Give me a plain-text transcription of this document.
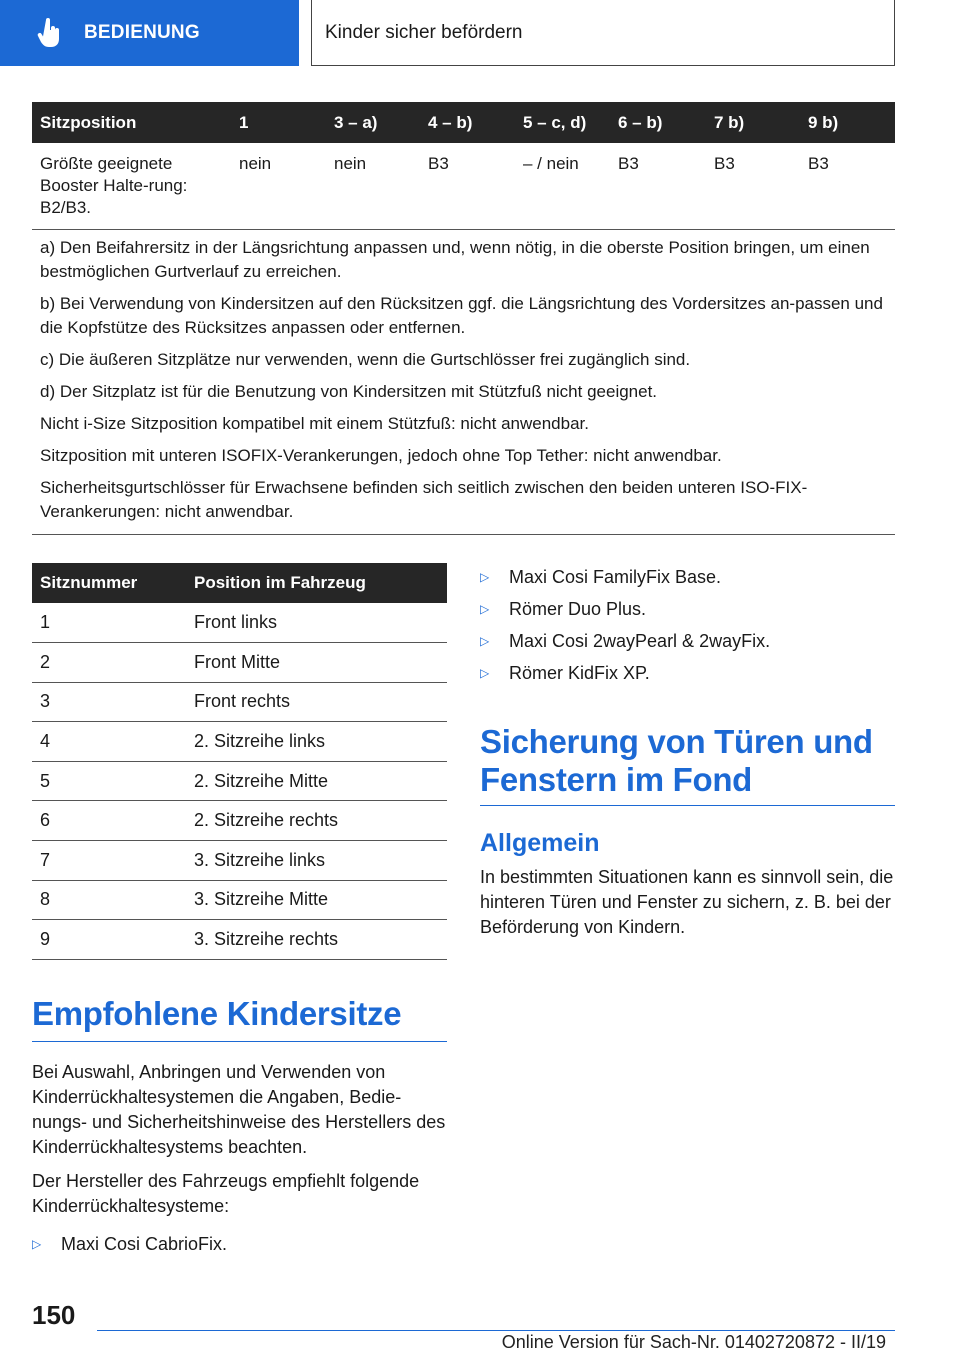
BEDIENUNG	Kinder sicher befördern
Sitzposition	1	3 – a)	4 – b)	5 – c, d)	6 – b)	7 b)	9 b)
Größte geeignete Booster Halte-rung: B2/B3.	nein	nein	B3	– / nein	B3	B3	B3

a) Den Beifahrersitz in der Längsrichtung anpassen und, wenn nötig, in die oberste Position bringen, um einen bestmöglichen Gurtverlauf zu erreichen.

b) Bei Verwendung von Kindersitzen auf den Rücksitzen ggf. die Längsrichtung des Vordersitzes an-passen und die Kopfstütze des Rücksitzes anpassen oder entfernen.

c) Die äußeren Sitzplätze nur verwenden, wenn die Gurtschlösser frei zugänglich sind.

d) Der Sitzplatz ist für die Benutzung von Kindersitzen mit Stützfuß nicht geeignet.

Nicht i-Size Sitzposition kompatibel mit einem Stützfuß: nicht anwendbar.

Sitzposition mit unteren ISOFIX-Verankerungen, jedoch ohne Top Tether: nicht anwendbar.

Sicherheitsgurtschlösser für Erwachsene befinden sich seitlich zwischen den beiden unteren ISO-FIX-Verankerungen: nicht anwendbar.

Sitznummer	Position im Fahrzeug
1	Front links
2	Front Mitte
3	Front rechts
4	2. Sitzreihe links
5	2. Sitzreihe Mitte
6	2. Sitzreihe rechts
7	3. Sitzreihe links
8	3. Sitzreihe Mitte
9	3. Sitzreihe rechts
Empfohlene Kindersitze

Bei Auswahl, Anbringen und Verwenden von Kinderrückhaltesystemen die Angaben, Bedie-nungs- und Sicherheitshinweise des Herstellers des Kinderrückhaltesystems beachten.

Der Hersteller des Fahrzeugs empfiehlt folgende Kinderrückhaltesysteme:

▷	Maxi Cosi CabrioFix.
▷	Maxi Cosi FamilyFix Base.
▷	Römer Duo Plus.
▷	Maxi Cosi 2wayPearl & 2wayFix.
▷	Römer KidFix XP.
Sicherung von Türen und Fenstern im Fond
Allgemein
In bestimmten Situationen kann es sinnvoll sein, die hinteren Türen und Fenster zu sichern, z. B. bei der Beförderung von Kindern.
150
Online Version für Sach-Nr. 01402720872 - II/19
